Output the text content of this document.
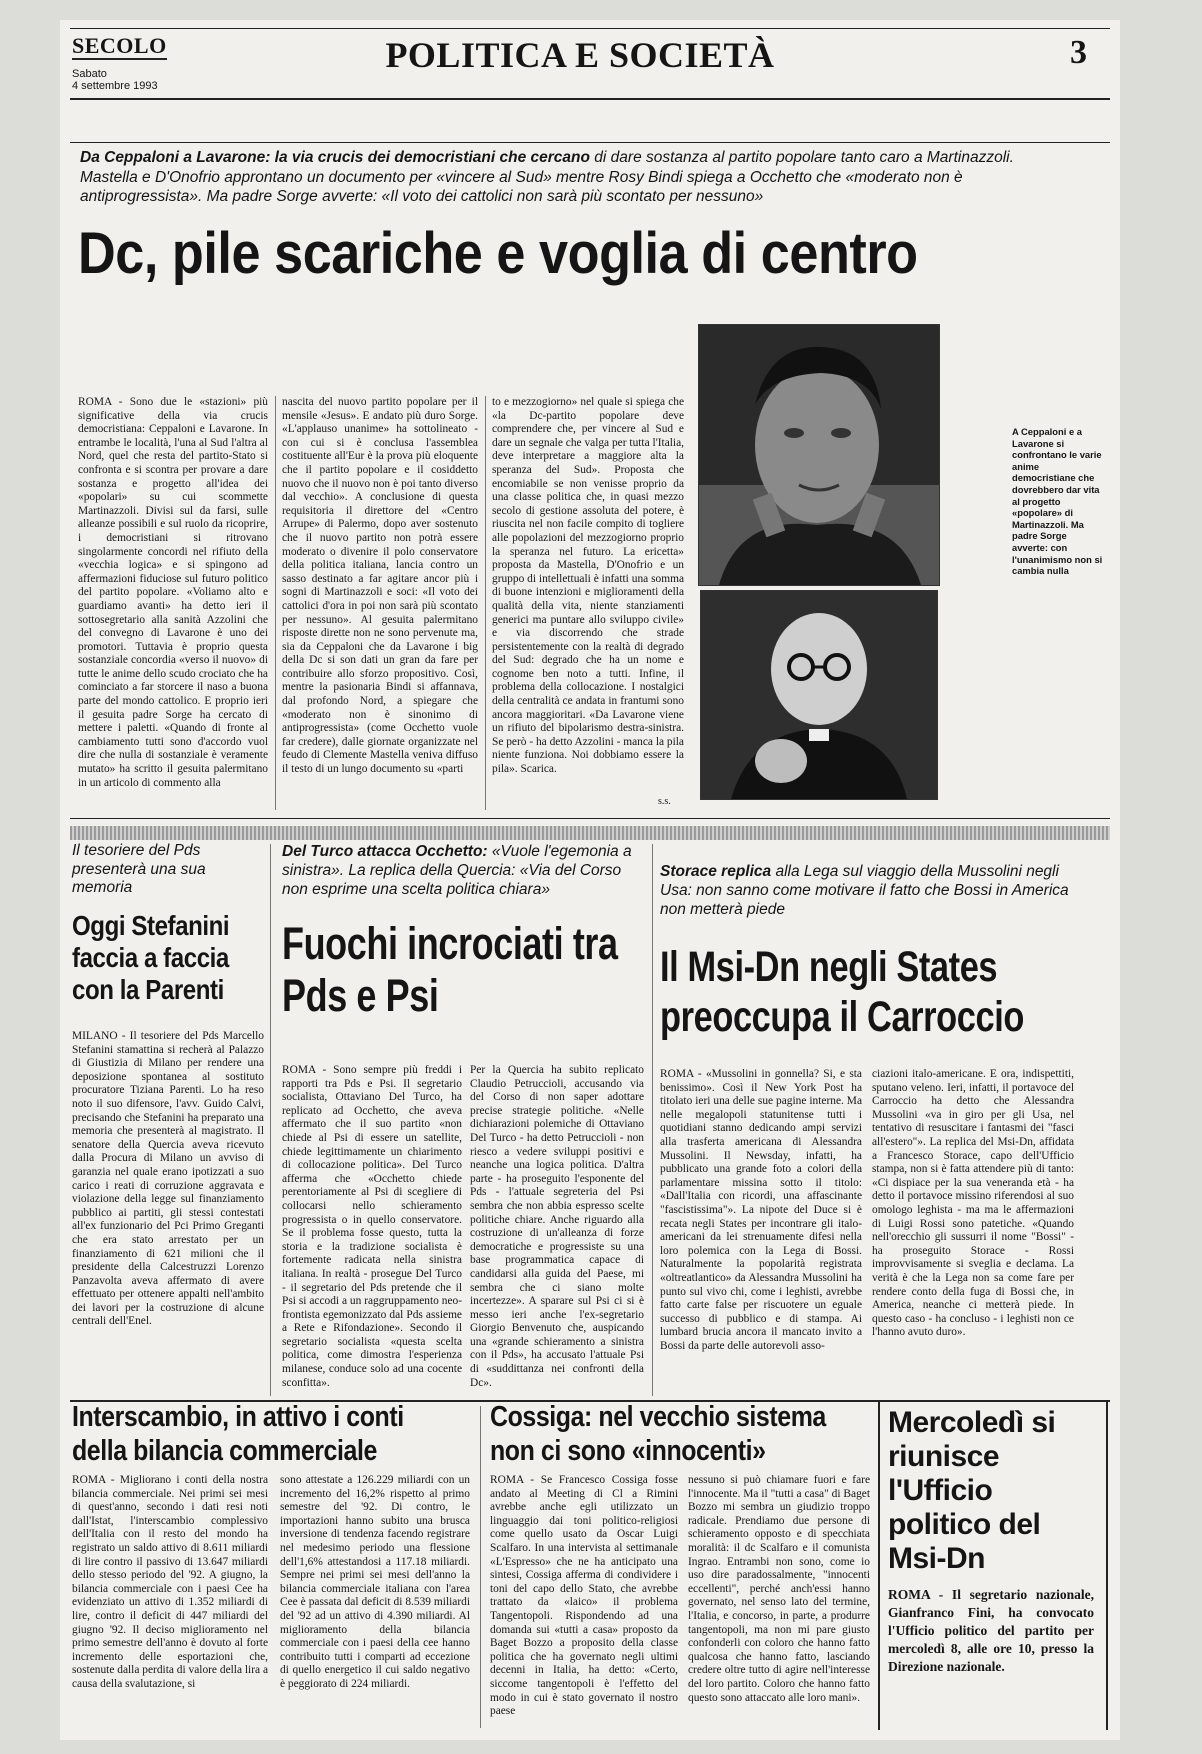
SECOLO
Sabato
4 settembre 1993
POLITICA E SOCIETÀ	3

Da Ceppaloni a Lavarone: la via crucis dei democristiani che cercano di dare sostanza al partito popolare tanto caro a Martinazzoli. Mastella e D'Onofrio approntano un documento per «vincere al Sud» mentre Rosy Bindi spiega a Occhetto che «moderato non è antiprogressista». Ma padre Sorge avverte: «Il voto dei cattolici non sarà più scontato per nessuno»

Dc, pile scariche e voglia di centro

ROMA - Sono due le «stazioni» più significative della via crucis democristiana: Ceppaloni e Lavarone. In entrambe le località, l'una al Sud l'altra al Nord, quel che resta del partito-Stato si confronta e si scontra per provare a dare sostanza e progetto all'idea dei «popolari» su cui scommette Martinazzoli. Divisi sul da farsi, sulle alleanze possibili e sul ruolo da ricoprire, i democristiani si ritrovano singolarmente concordi nel rifiuto della «vecchia logica» e si spingono ad affermazioni fiduciose sul futuro politico del partito popolare. «Voliamo alto e guardiamo avanti» ha detto ieri il sottosegretario alla sanità Azzolini che del convegno di Lavarone è uno dei promotori. Tuttavia è proprio questa sostanziale concordia «verso il nuovo» di tutte le anime dello scudo crociato che ha cominciato a far storcere il naso a buona parte del mondo cattolico. E proprio ieri il gesuita padre Sorge ha cercato di mettere i paletti. «Quando di fronte al cambiamento tutti sono d'accordo vuol dire che nulla di sostanziale è veramente mutato» ha scritto il gesuita palermitano in un articolo di commento alla

nascita del nuovo partito popolare per il mensile «Jesus». E andato più duro Sorge. «L'applauso unanime» ha sottolineato - con cui si è conclusa l'assemblea costituente all'Eur è la prova più eloquente che il partito popolare e il cosiddetto nuovo che il nuovo non è poi tanto diverso dal vecchio». A conclusione di questa requisitoria il direttore del «Centro Arrupe» di Palermo, dopo aver sostenuto che il nuovo partito non potrà essere moderato o divenire il polo conservatore della politica italiana, lancia contro un sasso destinato a far agitare ancor più i sogni di Martinazzoli e soci: «Il voto dei cattolici d'ora in poi non sarà più scontato per nessuno». Al gesuita palermitano risposte dirette non ne sono pervenute ma, sia da Ceppaloni che da Lavarone i big della Dc si son dati un gran da fare per contribuire allo sforzo propositivo. Così, mentre la pasionaria Bindi si affannava, dal profondo Nord, a spiegare che «moderato non è sinonimo di antiprogressista» (come Occhetto vuole far credere), dalle giornate organizzate nel feudo di Clemente Mastella veniva diffuso il testo di un lungo documento su «parti

to e mezzogiorno» nel quale si spiega che «la Dc-partito popolare deve comprendere che, per vincere al Sud e dare un segnale che valga per tutta l'Italia, deve interpretare a maggiore alta la speranza del Sud». Proposta che encomiabile se non venisse proprio da una classe politica che, in quasi mezzo secolo di gestione assoluta del potere, è riuscita nel non facile compito di togliere alle popolazioni del mezzogiorno proprio la speranza nel futuro. La ericetta» proposta da Mastella, D'Onofrio e un gruppo di intellettuali è infatti una somma di buone intenzioni e miglioramenti della qualità della vita, niente stanziamenti generici ma puntare allo sviluppo civile» e via discorrendo che strade persistentemente con la realtà di degrado del Sud: degrado che ha un nome e cognome ben noto a tutti. Infine, il problema della collocazione. I nostalgici della centralità ce andata in frantumi sono ancora maggioritari. «Da Lavarone viene un rifiuto del bipolarismo destra-sinistra. Se però - ha detto Azzolini - manca la pila niente funziona. Noi dobbiamo essere la pila». Scarica.

s.s.
A Ceppaloni e a Lavarone si confrontano le varie anime democristiane che dovrebbero dar vita al progetto «popolare» di Martinazzoli. Ma padre Sorge avverte: con l'unanimismo non si cambia nulla

Il tesoriere del Pds presenterà una sua memoria

Oggi Stefanini faccia a faccia con la Parenti

MILANO - Il tesoriere del Pds Marcello Stefanini stamattina si recherà al Palazzo di Giustizia di Milano per rendere una deposizione spontanea al sostituto procuratore Tiziana Parenti. Lo ha reso noto il suo difensore, l'avv. Guido Calvi, precisando che Stefanini ha preparato una memoria che presenterà al magistrato. Il senatore della Quercia aveva ricevuto dalla Procura di Milano un avviso di garanzia nel quale erano ipotizzati a suo carico i reati di corruzione aggravata e violazione della legge sul finanziamento pubblico ai partiti, gli stessi contestati all'ex funzionario del Pci Primo Greganti che era stato arrestato per un finanziamento di 621 milioni che il presidente della Calcestruzzi Lorenzo Panzavolta aveva affermato di avere effettuato per ottenere appalti nell'ambito dei lavori per la costruzione di alcune centrali dell'Enel.

Del Turco attacca Occhetto: «Vuole l'egemonia a sinistra». La replica della Quercia: «Via del Corso non esprime una scelta politica chiara»

Fuochi incrociati tra Pds e Psi

ROMA - Sono sempre più freddi i rapporti tra Pds e Psi. Il segretario socialista, Ottaviano Del Turco, ha replicato ad Occhetto, che aveva affermato che il suo partito «non chiede al Psi di essere un satellite, chiede legittimamente un chiarimento di collocazione politica». Del Turco afferma che «Occhetto chiede perentoriamente al Psi di scegliere di collocarsi nello schieramento progressista o in quello conservatore. Se il problema fosse questo, tutta la storia e la tradizione socialista è fortemente radicata nella sinistra italiana. In realtà - prosegue Del Turco - il segretario del Pds pretende che il Psi si accodi a un raggruppamento neo-frontista egemonizzato dal Pds assieme a Rete e Rifondazione». Secondo il segretario socialista «questa scelta politica, come dimostra l'esperienza milanese, conduce solo ad una cocente sconfitta».

Per la Quercia ha subito replicato Claudio Petruccioli, accusando via del Corso di non saper adottare precise strategie politiche. «Nelle dichiarazioni polemiche di Ottaviano Del Turco - ha detto Petruccioli - non riesco a vedere sviluppi positivi e neanche una logica politica. D'altra parte - ha proseguito l'esponente del Pds - l'attuale segreteria del Psi sembra che non abbia espresso scelte politiche chiare. Anche riguardo alla costruzione di un'alleanza di forze democratiche e progressiste su una base programmatica capace di candidarsi alla guida del Paese, mi sembra che ci siano molte incertezze». A sparare sul Psi ci si è messo ieri anche l'ex-segretario Giorgio Benvenuto che, auspicando una «grande schieramento a sinistra con il Pds», ha accusato l'attuale Psi di «suddittanza nei confronti della Dc».

Storace replica alla Lega sul viaggio della Mussolini negli Usa: non sanno come motivare il fatto che Bossi in America non metterà piede

Il Msi-Dn negli States preoccupa il Carroccio

ROMA - «Mussolini in gonnella? Si, e sta benissimo». Così il New York Post ha titolato ieri una delle sue pagine interne. Ma nelle megalopoli statunitense tutti i quotidiani stanno dedicando ampi servizi alla trasferta americana di Alessandra Mussolini. Il Newsday, infatti, ha pubblicato una grande foto a colori della parlamentare missina sotto il titolo: «Dall'Italia con ricordi, una affascinante "fascistissima"». La nipote del Duce si è recata negli States per incontrare gli italo-americani da lei strenuamente difesi nella loro polemica con la Lega di Bossi. Naturalmente la popolarità registrata «oltreatlantico» da Alessandra Mussolini ha punto sul vivo chi, come i leghisti, avrebbe fatto carte false per riscuotere un eguale successo di pubblico e di stampa. Ai lumbard brucia ancora il mancato invito a Bossi da parte delle autorevoli asso-

ciazioni italo-americane. E ora, indispettiti, sputano veleno. Ieri, infatti, il portavoce del Carroccio ha detto che Alessandra Mussolini «va in giro per gli Usa, nel tentativo di resuscitare i fantasmi dei "fasci all'estero"». La replica del Msi-Dn, affidata a Francesco Storace, capo dell'Ufficio stampa, non si è fatta attendere più di tanto: «Ci dispiace per la sua veneranda età - ha detto il portavoce missino riferendosi al suo omologo leghista - ma ma le affermazioni di Luigi Rossi sono patetiche. «Quando nell'orecchio gli sussurri il nome "Bossi" - ha proseguito Storace - Rossi improvvisamente si sveglia e declama. La verità è che la Lega non sa come fare per rendere conto della fuga di Bossi che, in America, neanche ci metterà piede. In questo caso - ha concluso - i leghisti non ce l'hanno avuto duro».

Interscambio, in attivo i conti della bilancia commerciale

ROMA - Migliorano i conti della nostra bilancia commerciale. Nei primi sei mesi di quest'anno, secondo i dati resi noti dall'Istat, l'interscambio complessivo dell'Italia con il resto del mondo ha registrato un saldo attivo di 8.611 miliardi di lire contro il passivo di 13.647 miliardi dello stesso periodo del '92. A giugno, la bilancia commerciale con i paesi Cee ha evidenziato un attivo di 1.352 miliardi di lire, contro il deficit di 447 miliardi del giugno '92. Il deciso miglioramento nel primo semestre dell'anno è dovuto al forte incremento delle esportazioni che, sostenute dalla perdita di valore della lira a causa della svalutazione, si

sono attestate a 126.229 miliardi con un incremento del 16,2% rispetto al primo semestre del '92. Di contro, le importazioni hanno subito una brusca inversione di tendenza facendo registrare nel medesimo periodo una flessione dell'1,6% attestandosi a 117.18 miliardi. Sempre nei primi sei mesi dell'anno la bilancia commerciale italiana con l'area Cee è passata dal deficit di 8.539 miliardi del '92 ad un attivo di 4.390 miliardi. Al miglioramento della bilancia commerciale con i paesi della cee hanno contribuito tutti i comparti ad eccezione di quello energetico il cui saldo negativo è peggiorato di 224 miliardi.

Cossiga: nel vecchio sistema non ci sono «innocenti»

ROMA - Se Francesco Cossiga fosse andato al Meeting di Cl a Rimini avrebbe anche egli utilizzato un linguaggio dai toni politico-religiosi come quello usato da Oscar Luigi Scalfaro. In una intervista al settimanale «L'Espresso» che ne ha anticipato una sintesi, Cossiga afferma di condividere i toni del capo dello Stato, che avrebbe trattato da «laico» il problema Tangentopoli. Rispondendo ad una domanda sui «tutti a casa» proposto da Baget Bozzo a proposito della classe politica che ha governato negli ultimi decenni in Italia, ha detto: «Certo, siccome tangentopoli è l'effetto del modo in cui è stato governato il nostro paese

nessuno si può chiamare fuori e fare l'innocente. Ma il "tutti a casa" di Baget Bozzo mi sembra un giudizio troppo radicale. Prendiamo due persone di schieramento opposto e di specchiata moralità: il dc Scalfaro e il comunista Ingrao. Entrambi non sono, come io uso dire paradossalmente, "innocenti eccellenti", perché anch'essi hanno governato, nel senso lato del termine, l'Italia, e concorso, in parte, a produrre tangentopoli, ma non mi pare giusto confonderli con coloro che hanno fatto qualcosa che hanno fatto, lasciando credere oltre tutto di agire nell'interesse del loro partito. Coloro che hanno fatto questo sono attaccato alle loro mani».

Mercoledì si riunisce l'Ufficio politico del Msi-Dn
ROMA - Il segretario nazionale, Gianfranco Fini, ha convocato l'Ufficio politico del partito per mercoledì 8, alle ore 10, presso la Direzione nazionale.
